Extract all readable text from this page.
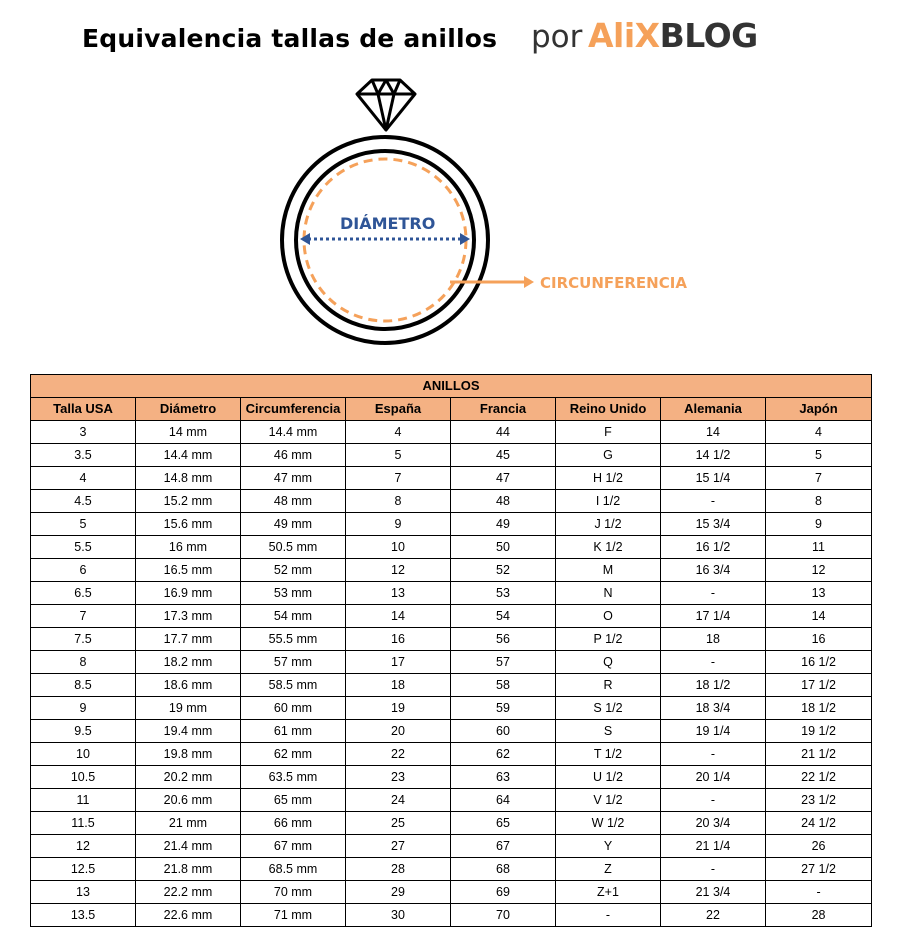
Equivalencia tallas de anillos por AliXBLOG
DIÁMETRO
CIRCUNFERENCIA
ANILLOS							
Talla USA	Diámetro	Circumferencia	España	Francia	Reino Unido	Alemania	Japón
3	14 mm	14.4 mm	4	44	F	14	4
3.5	14.4 mm	46 mm	5	45	G	14 1/2	5
4	14.8 mm	47 mm	7	47	H 1/2	15 1/4	7
4.5	15.2 mm	48 mm	8	48	I 1/2	-	8
5	15.6 mm	49 mm	9	49	J 1/2	15 3/4	9
5.5	16 mm	50.5 mm	10	50	K 1/2	16 1/2	11
6	16.5 mm	52 mm	12	52	M	16 3/4	12
6.5	16.9 mm	53 mm	13	53	N	-	13
7	17.3 mm	54 mm	14	54	O	17 1/4	14
7.5	17.7 mm	55.5 mm	16	56	P 1/2	18	16
8	18.2 mm	57 mm	17	57	Q	-	16 1/2
8.5	18.6 mm	58.5 mm	18	58	R	18 1/2	17 1/2
9	19 mm	60 mm	19	59	S 1/2	18 3/4	18 1/2
9.5	19.4 mm	61 mm	20	60	S	19 1/4	19 1/2
10	19.8 mm	62 mm	22	62	T 1/2	-	21 1/2
10.5	20.2 mm	63.5 mm	23	63	U 1/2	20 1/4	22 1/2
11	20.6 mm	65 mm	24	64	V 1/2	-	23 1/2
11.5	21 mm	66 mm	25	65	W 1/2	20 3/4	24 1/2
12	21.4 mm	67 mm	27	67	Y	21 1/4	26
12.5	21.8 mm	68.5 mm	28	68	Z	-	27 1/2
13	22.2 mm	70 mm	29	69	Z+1	21 3/4	-
13.5	22.6 mm	71 mm	30	70	-	22	28
